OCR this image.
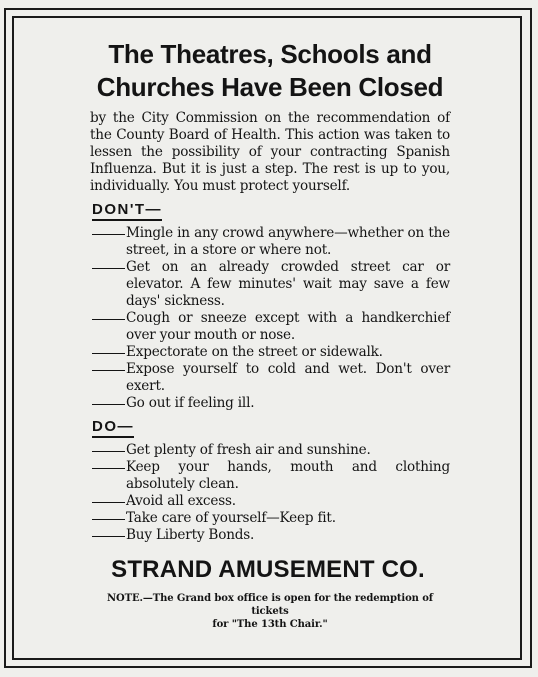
The Theatres, Schools and
Churches Have Been Closed

by the City Commission on the recommendation of the County Board of Health. This action was taken to lessen the possibility of your contracting Spanish Influenza. But it is just a step. The rest is up to you, individually. You must protect yourself.

DON'T—
Mingle in any crowd anywhere—whether on the street, in a store or where not.
Get on an already crowded street car or elevator. A few minutes' wait may save a few days' sickness.
Cough or sneeze except with a handkerchief over your mouth or nose.
Expectorate on the street or sidewalk.
Expose yourself to cold and wet. Don't over exert.
Go out if feeling ill.
DO—
Get plenty of fresh air and sunshine.
Keep your hands, mouth and clothing absolutely clean.
Avoid all excess.
Take care of yourself—Keep fit.
Buy Liberty Bonds.
STRAND AMUSEMENT CO.
NOTE.—The Grand box office is open for the redemption of tickets
for "The 13th Chair."
